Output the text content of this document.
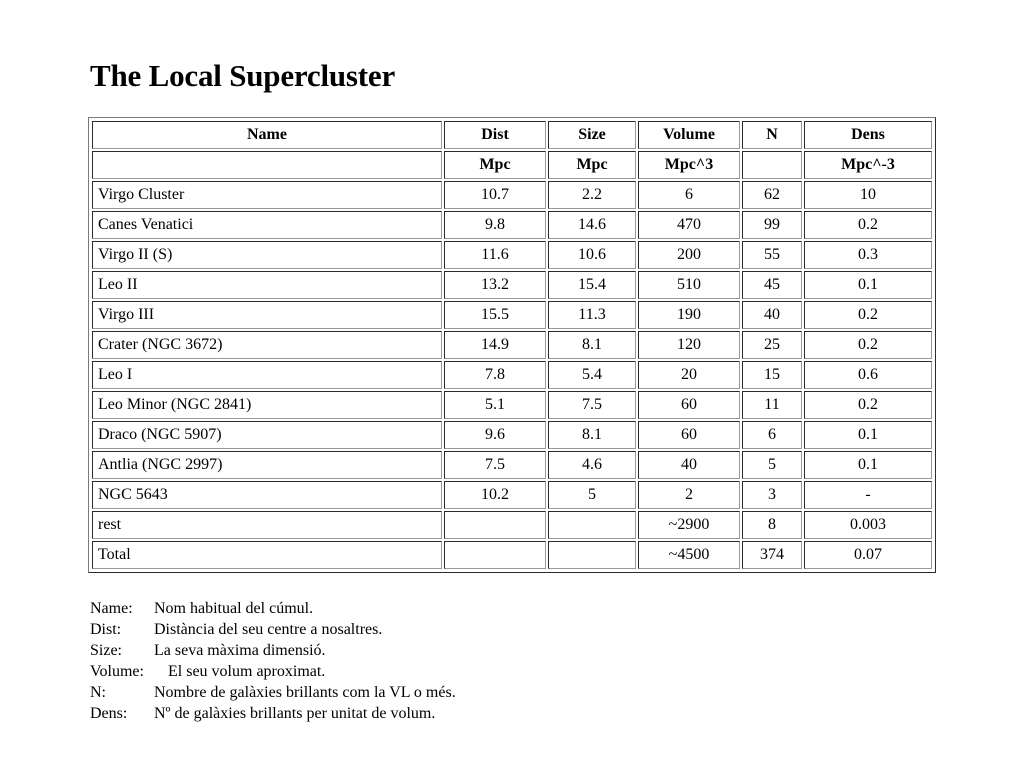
The Local Supercluster
Name	Dist	Size	Volume	N	Dens
	Mpc	Mpc	Mpc^3		Mpc^-3
Virgo Cluster	10.7	2.2	6	62	10
Canes Venatici	9.8	14.6	470	99	0.2
Virgo II (S)	11.6	10.6	200	55	0.3
Leo II	13.2	15.4	510	45	0.1
Virgo III	15.5	11.3	190	40	0.2
Crater (NGC 3672)	14.9	8.1	120	25	0.2
Leo I	7.8	5.4	20	15	0.6
Leo Minor (NGC 2841)	5.1	7.5	60	11	0.2
Draco (NGC 5907)	9.6	8.1	60	6	0.1
Antlia (NGC 2997)	7.5	4.6	40	5	0.1
NGC 5643	10.2	5	2	3	-
rest			~2900	8	0.003
Total			~4500	374	0.07
Name:	Nom habitual del cúmul.
Dist:	Distància del seu centre a nosaltres.
Size:	La seva màxima dimensió.
Volume:	El seu volum aproximat.
N:	Nombre de galàxies brillants com la VL o més.
Dens:	Nº de galàxies brillants per unitat de volum.
